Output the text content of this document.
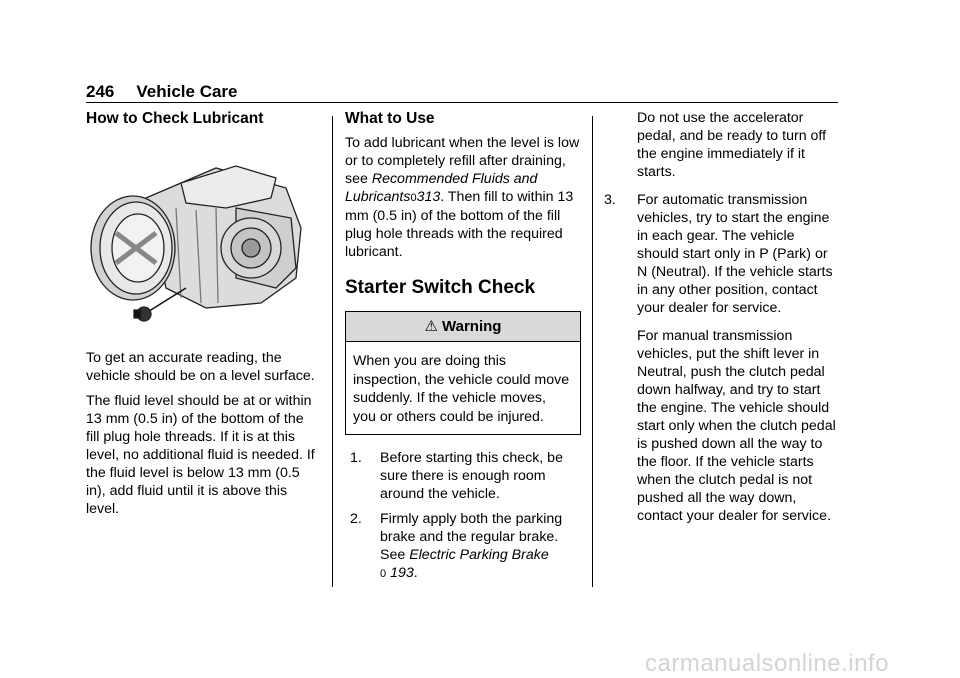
246 Vehicle Care
How to Check Lubricant

To get an accurate reading, the vehicle should be on a level surface.

The fluid level should be at or within 13 mm (0.5 in) of the bottom of the fill plug hole threads. If it is at this level, no additional fluid is needed. If the fluid level is below 13 mm (0.5 in), add fluid until it is above this level.

What to Use

To add lubricant when the level is low or to completely refill after draining, see Recommended Fluids and Lubricants0313. Then fill to within 13 mm (0.5 in) of the bottom of the fill plug hole threads with the required lubricant.

Starter Switch Check
⚠ Warning
When you are doing this inspection, the vehicle could move suddenly. If the vehicle moves, you or others could be injured.
1. Before starting this check, be sure there is enough room around the vehicle.
2. Firmly apply both the parking brake and the regular brake. See Electric Parking Brake
0 193.

Do not use the accelerator pedal, and be ready to turn off the engine immediately if it starts.

3. For automatic transmission vehicles, try to start the engine in each gear. The vehicle should start only in P (Park) or N (Neutral). If the vehicle starts in any other position, contact your dealer for service.

For manual transmission vehicles, put the shift lever in Neutral, push the clutch pedal down halfway, and try to start the engine. The vehicle should start only when the clutch pedal is pushed down all the way to the floor. If the vehicle starts when the clutch pedal is not pushed all the way down, contact your dealer for service.

carmanualsonline.info
